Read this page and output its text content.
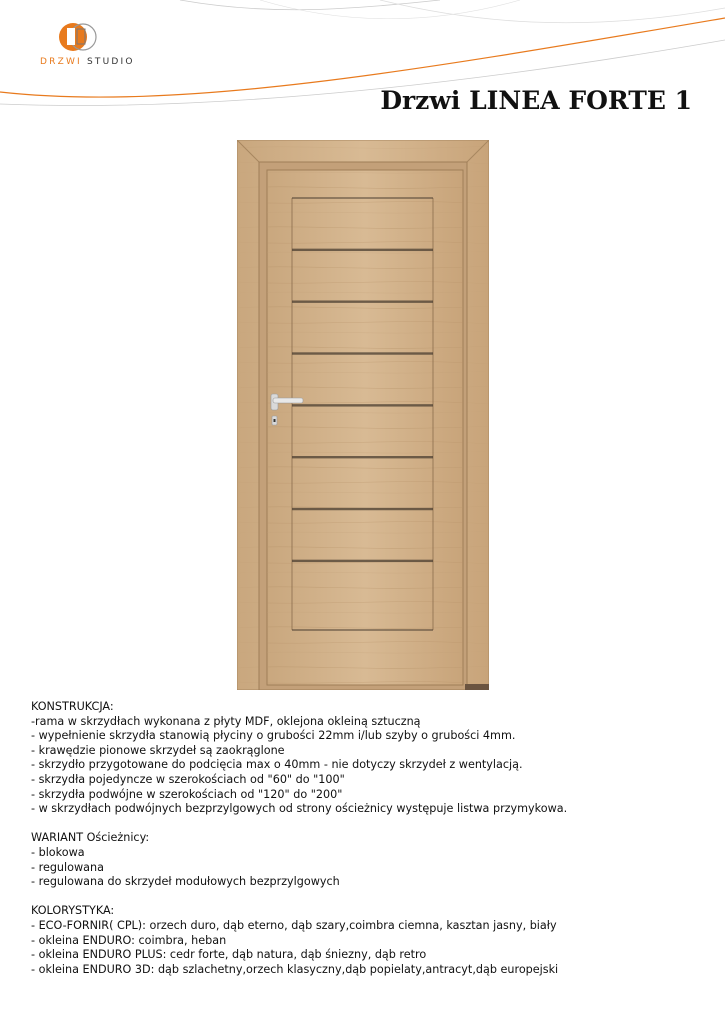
DRZWI STUDIO
Drzwi LINEA FORTE 1
KONSTRUKCJA:
-rama w skrzydłach wykonana z płyty MDF, oklejona okleiną sztuczną
- wypełnienie skrzydła stanowią płyciny o grubości 22mm i/lub szyby o grubości 4mm.
- krawędzie pionowe skrzydeł są zaokrąglone
- skrzydło przygotowane do podcięcia max o 40mm - nie dotyczy skrzydeł z wentylacją.
- skrzydła pojedyncze w szerokościach od "60" do "100"
- skrzydła podwójne w szerokościach od "120" do "200"
- w skrzydłach podwójnych bezprzylgowych od strony ościeżnicy występuje listwa przymykowa.
WARIANT Ościeżnicy:
- blokowa
- regulowana
- regulowana do skrzydeł modułowych bezprzylgowych
KOLORYSTYKA:
- ECO-FORNIR( CPL): orzech duro, dąb eterno, dąb szary,coimbra ciemna, kasztan jasny, biały
- okleina ENDURO: coimbra, heban
- okleina ENDURO PLUS: cedr forte, dąb natura, dąb śniezny, dąb retro
- okleina ENDURO 3D: dąb szlachetny,orzech klasyczny,dąb popielaty,antracyt,dąb europejski
